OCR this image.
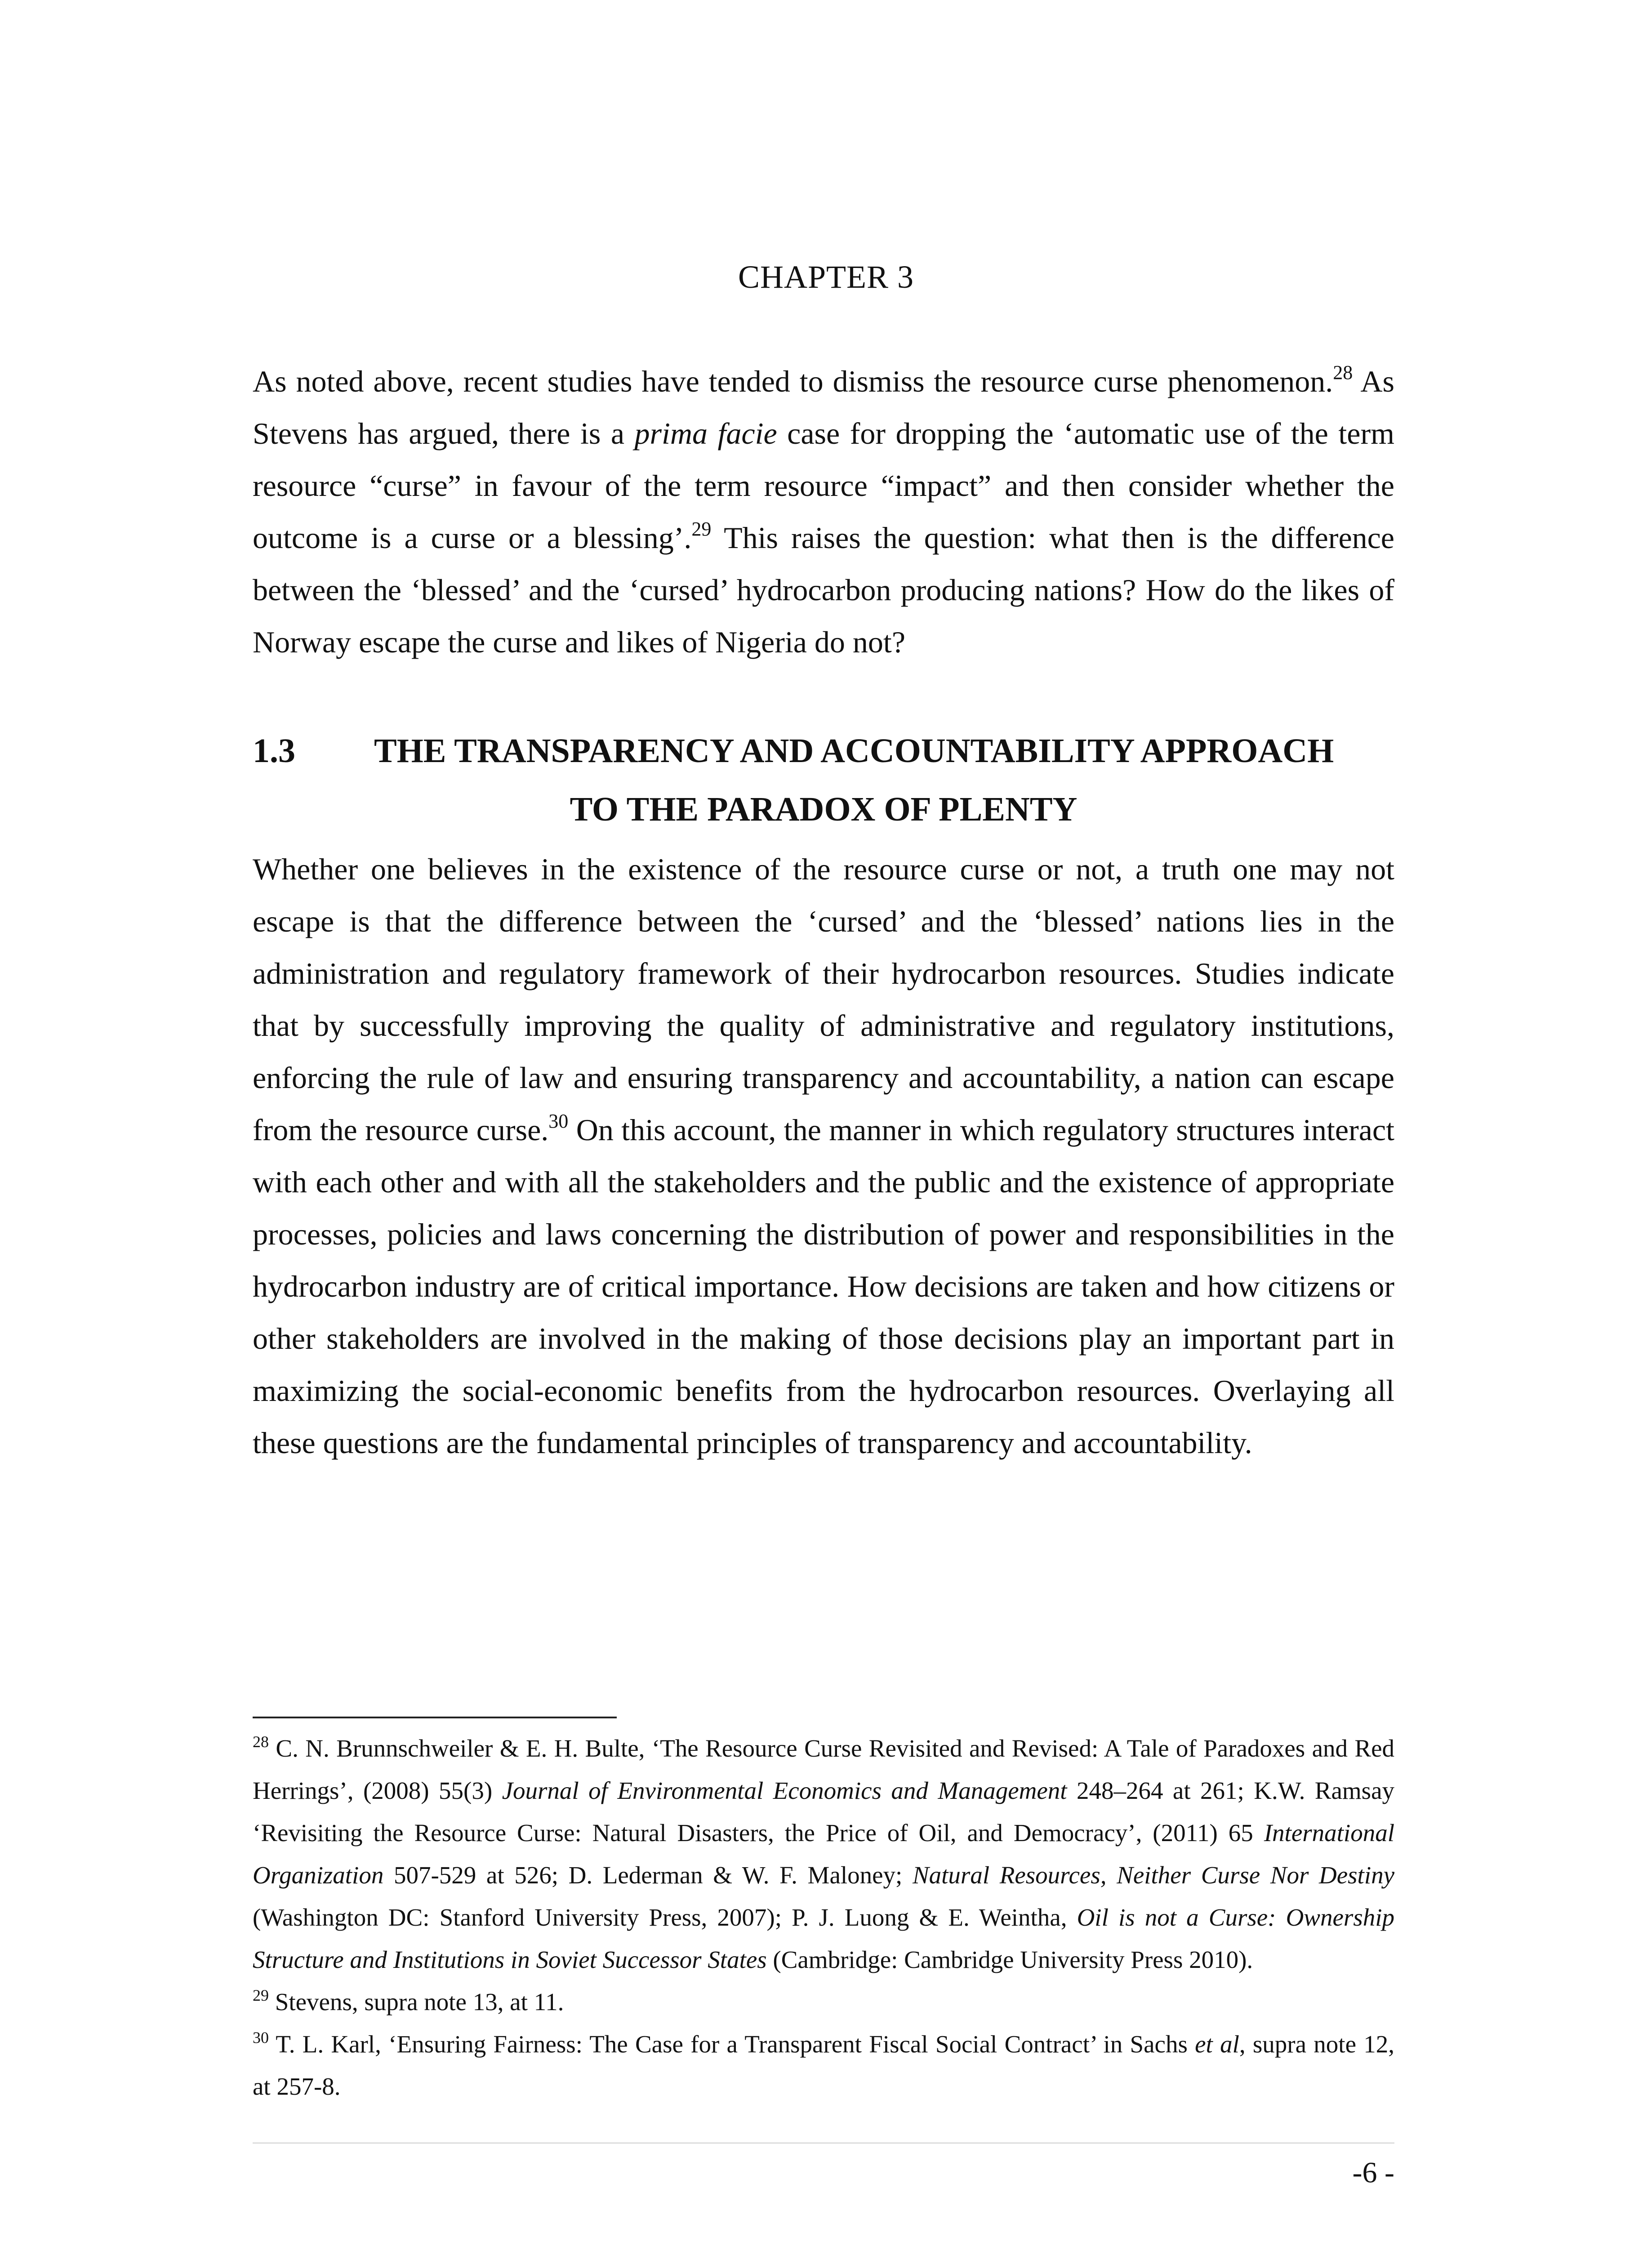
CHAPTER 3

As noted above, recent studies have tended to dismiss the resource curse phenomenon.$^{28}$ As Stevens has argued, there is a prima facie case for dropping the ‘automatic use of the term resource “curse” in favour of the term resource “impact” and then consider whether the outcome is a curse or a blessing’.$^{29}$ This raises the question: what then is the difference between the ‘blessed’ and the ‘cursed’ hydrocarbon producing nations? How do the likes of Norway escape the curse and likes of Nigeria do not?

1.3	THE TRANSPARENCY AND ACCOUNTABILITY APPROACH
TO THE PARADOX OF PLENTY

Whether one believes in the existence of the resource curse or not, a truth one may not escape is that the difference between the ‘cursed’ and the ‘blessed’ nations lies in the administration and regulatory framework of their hydrocarbon resources. Studies indicate that by successfully improving the quality of administrative and regulatory institutions, enforcing the rule of law and ensuring transparency and accountability, a nation can escape from the resource curse.$^{30}$ On this account, the manner in which regulatory structures interact with each other and with all the stakeholders and the public and the existence of appropriate processes, policies and laws concerning the distribution of power and responsibilities in the hydrocarbon industry are of critical importance. How decisions are taken and how citizens or other stakeholders are involved in the making of those decisions play an important part in maximizing the social-economic benefits from the hydrocarbon resources. Overlaying all these questions are the fundamental principles of transparency and accountability.

$^{28}$ C. N. Brunnschweiler & E. H. Bulte, ‘The Resource Curse Revisited and Revised: A Tale of Paradoxes and Red Herrings’, (2008) 55(3) Journal of Environmental Economics and Management 248–264 at 261; K.W. Ramsay ‘Revisiting the Resource Curse: Natural Disasters, the Price of Oil, and Democracy’, (2011) 65 International Organization 507-529 at 526; D. Lederman & W. F. Maloney; Natural Resources, Neither Curse Nor Destiny (Washington DC: Stanford University Press, 2007); P. J. Luong & E. Weintha, Oil is not a Curse: Ownership Structure and Institutions in Soviet Successor States (Cambridge: Cambridge University Press 2010).

$^{29}$ Stevens, supra note 13, at 11.

$^{30}$ T. L. Karl, ‘Ensuring Fairness: The Case for a Transparent Fiscal Social Contract’ in Sachs et al, supra note 12, at 257-8.

-6 -
